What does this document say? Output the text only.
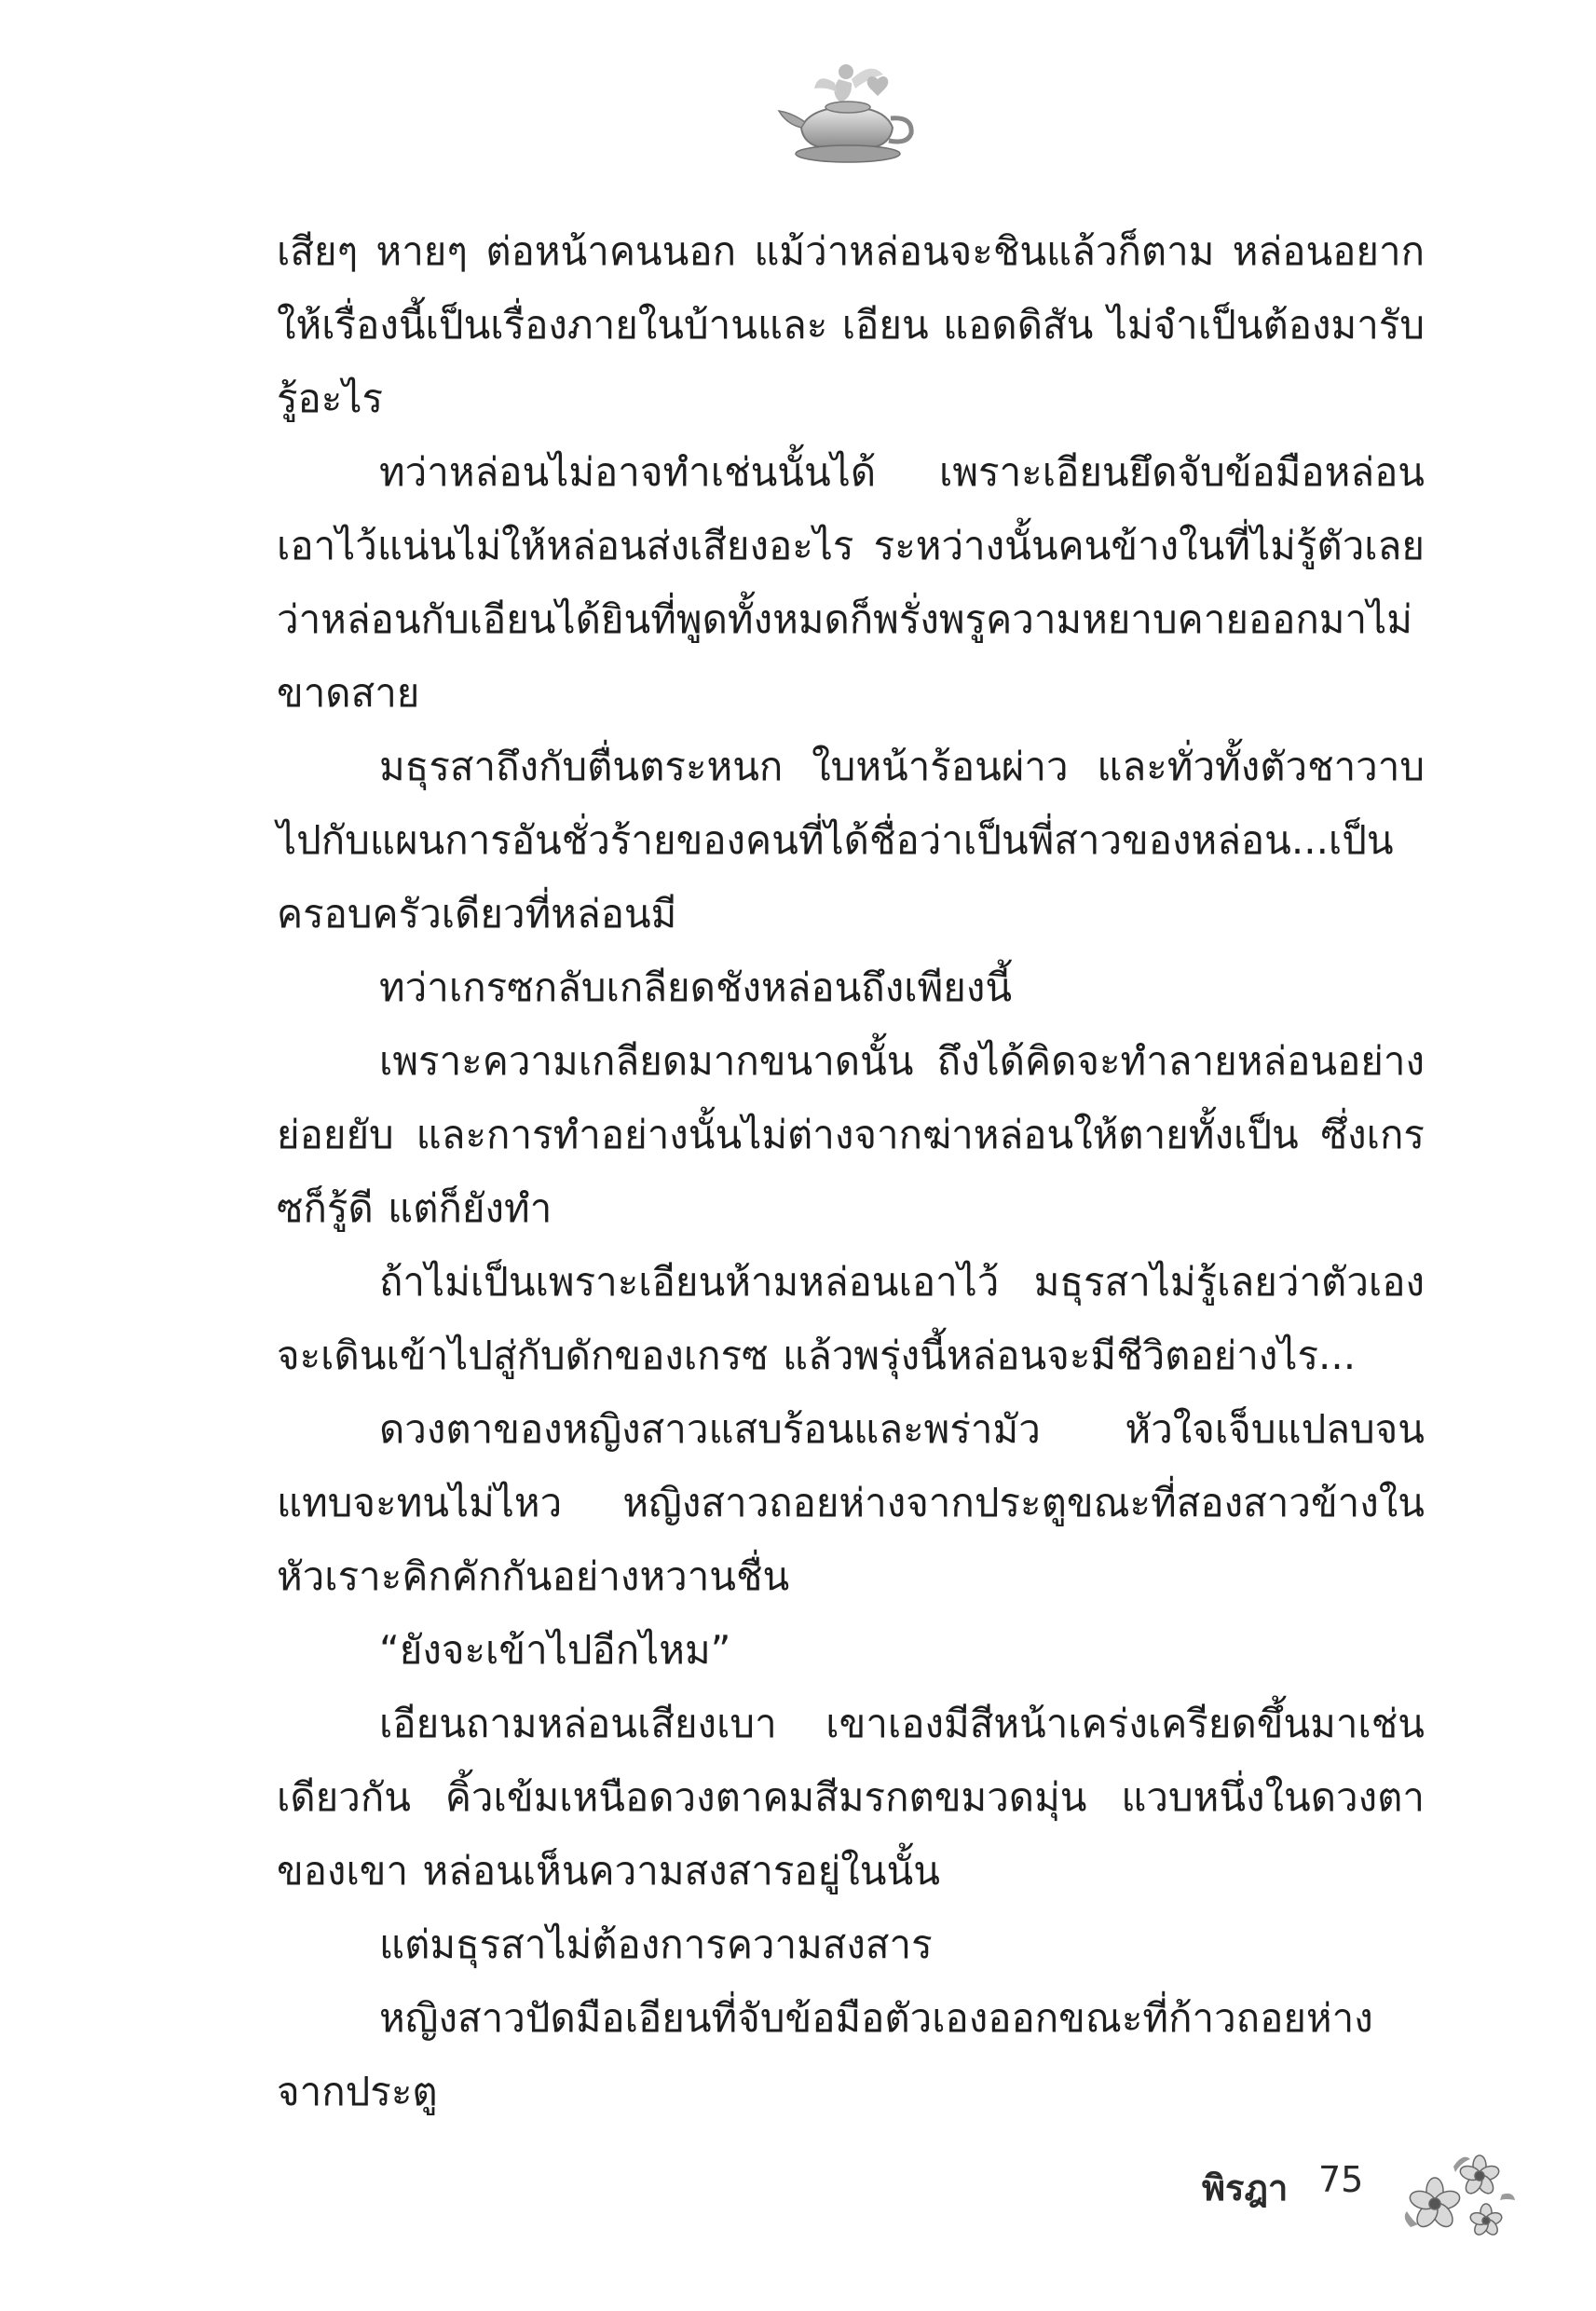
เสียๆ หายๆ ต่อหน้าคนนอก แม้ว่าหล่อนจะชินแล้วก็ตาม หล่อนอยากให้เรื่องนี้เป็นเรื่องภายในบ้านและ เอียน แอดดิสัน ไม่จำเป็นต้องมารับรู้อะไร

ทว่าหล่อนไม่อาจทำเช่นนั้นได้ เพราะเอียนยึดจับข้อมือหล่อนเอาไว้แน่นไม่ให้หล่อนส่งเสียงอะไร ระหว่างนั้นคนข้างในที่ไม่รู้ตัวเลยว่าหล่อนกับเอียนได้ยินที่พูดทั้งหมดก็พรั่งพรูความหยาบคายออกมาไม่ขาดสาย

มธุรสาถึงกับตื่นตระหนก ใบหน้าร้อนผ่าว และทั่วทั้งตัวชาวาบไปกับแผนการอันชั่วร้ายของคนที่ได้ชื่อว่าเป็นพี่สาวของหล่อน...เป็นครอบครัวเดียวที่หล่อนมี

ทว่าเกรซกลับเกลียดชังหล่อนถึงเพียงนี้

เพราะความเกลียดมากขนาดนั้น ถึงได้คิดจะทำลายหล่อนอย่างย่อยยับ และการทำอย่างนั้นไม่ต่างจากฆ่าหล่อนให้ตายทั้งเป็น ซึ่งเกรซก็รู้ดี แต่ก็ยังทำ

ถ้าไม่เป็นเพราะเอียนห้ามหล่อนเอาไว้ มธุรสาไม่รู้เลยว่าตัวเองจะเดินเข้าไปสู่กับดักของเกรซ แล้วพรุ่งนี้หล่อนจะมีชีวิตอย่างไร...

ดวงตาของหญิงสาวแสบร้อนและพร่ามัว หัวใจเจ็บแปลบจนแทบจะทนไม่ไหว หญิงสาวถอยห่างจากประตูขณะที่สองสาวข้างในหัวเราะคิกคักกันอย่างหวานชื่น

“ยังจะเข้าไปอีกไหม”

เอียนถามหล่อนเสียงเบา เขาเองมีสีหน้าเคร่งเครียดขึ้นมาเช่นเดียวกัน คิ้วเข้มเหนือดวงตาคมสีมรกตขมวดมุ่น แวบหนึ่งในดวงตาของเขา หล่อนเห็นความสงสารอยู่ในนั้น

แต่มธุรสาไม่ต้องการความสงสาร

หญิงสาวปัดมือเอียนที่จับข้อมือตัวเองออกขณะที่ก้าวถอยห่างจากประตู

พิรฎา 75
